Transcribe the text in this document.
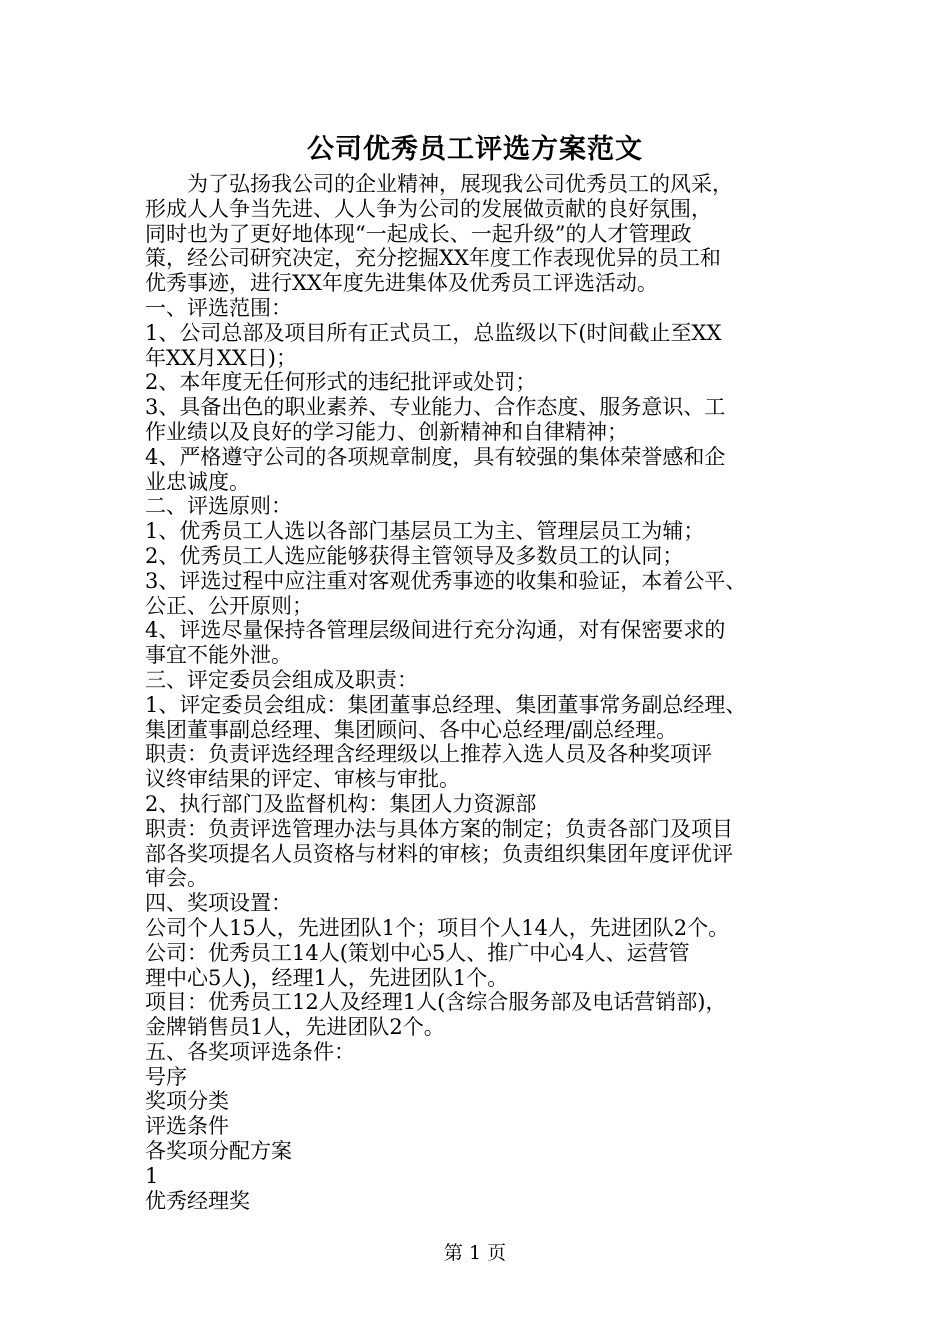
公司优秀员工评选方案范文
为了弘扬我公司的企业精神，展现我公司优秀员工的风采，
形成人人争当先进、人人争为公司的发展做贡献的良好氛围，
同时也为了更好地体现“一起成长、一起升级”的人才管理政
策，经公司研究决定，充分挖掘XX年度工作表现优异的员工和
优秀事迹，进行XX年度先进集体及优秀员工评选活动。
一、评选范围：
1、公司总部及项目所有正式员工，总监级以下(时间截止至XX
年XX月XX日)；
2、本年度无任何形式的违纪批评或处罚；
3、具备出色的职业素养、专业能力、合作态度、服务意识、工
作业绩以及良好的学习能力、创新精神和自律精神；
4、严格遵守公司的各项规章制度，具有较强的集体荣誉感和企
业忠诚度。
二、评选原则：
1、优秀员工人选以各部门基层员工为主、管理层员工为辅；
2、优秀员工人选应能够获得主管领导及多数员工的认同；
3、评选过程中应注重对客观优秀事迹的收集和验证，本着公平、
公正、公开原则；
4、评选尽量保持各管理层级间进行充分沟通，对有保密要求的
事宜不能外泄。
三、评定委员会组成及职责：
1、评定委员会组成：集团董事总经理、集团董事常务副总经理、
集团董事副总经理、集团顾问、各中心总经理/副总经理。
职责：负责评选经理含经理级以上推荐入选人员及各种奖项评
议终审结果的评定、审核与审批。
2、执行部门及监督机构：集团人力资源部
职责：负责评选管理办法与具体方案的制定；负责各部门及项目
部各奖项提名人员资格与材料的审核；负责组织集团年度评优评
审会。
四、奖项设置：
公司个人15人，先进团队1个；项目个人14人，先进团队2个。
公司：优秀员工14人(策划中心5人、推广中心4人、运营管
理中心5人)，经理1人，先进团队1个。
项目：优秀员工12人及经理1人(含综合服务部及电话营销部)，
金牌销售员1人，先进团队2个。
五、各奖项评选条件：
号序
奖项分类
评选条件
各奖项分配方案
1
优秀经理奖
第 1 页
